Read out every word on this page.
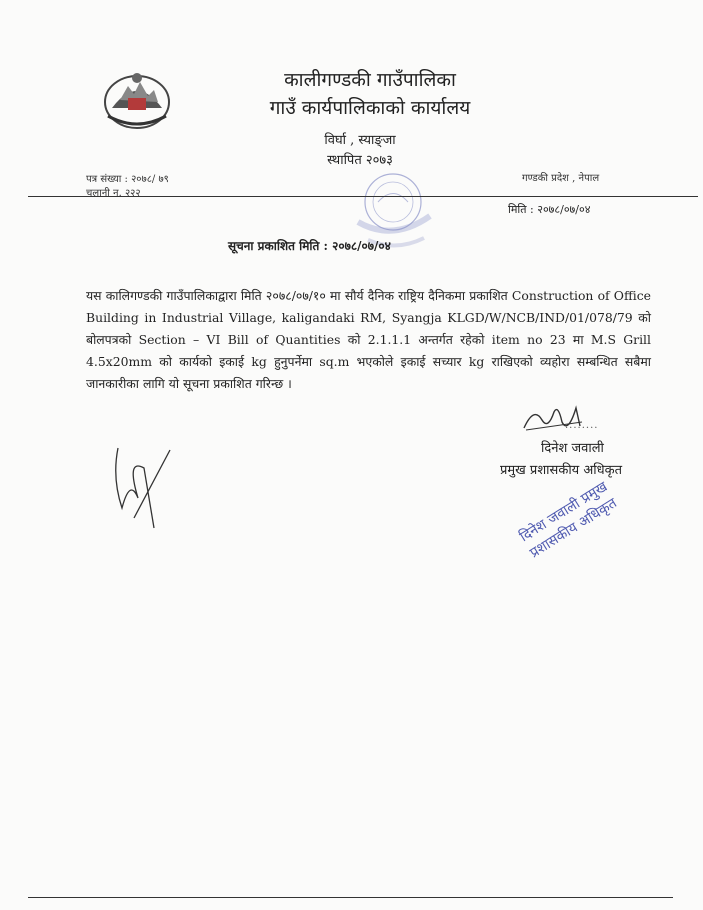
कालीगण्डकी गाउँपालिका
गाउँ कार्यपालिकाको कार्यालय
विर्घा , स्याङ्जा
स्थापित २०७३
पत्र संख्या : २०७८/ ७९
चलानी न. २२२
गण्डकी प्रदेश , नेपाल
मिति : २०७८/०७/०४
सूचना प्रकाशित मिति : २०७८/०७/०४
यस कालिगण्डकी गाउँपालिकाद्वारा मिति २०७८/०७/१० मा सौर्य दैनिक राष्ट्रिय दैनिकमा प्रकाशित Construction of Office Building in Industrial Village, kaligandaki RM, Syangja KLGD/W/NCB/IND/01/078/79 को बोलपत्रको Section – VI Bill of Quantities को 2.1.1.1 अन्तर्गत रहेको item no 23 मा M.S Grill 4.5x20mm को कार्यको इकाई kg हुनुपर्नेमा sq.m भएकोले इकाई सच्यार kg राखिएको व्यहोरा सम्बन्धित सबैमा जानकारीका लागि यो सूचना प्रकाशित गरिन्छ ।
........
दिनेश जवाली
प्रमुख प्रशासकीय अधिकृत
दिनेश जवाली प्रमुख प्रशासकीय अधिकृत
